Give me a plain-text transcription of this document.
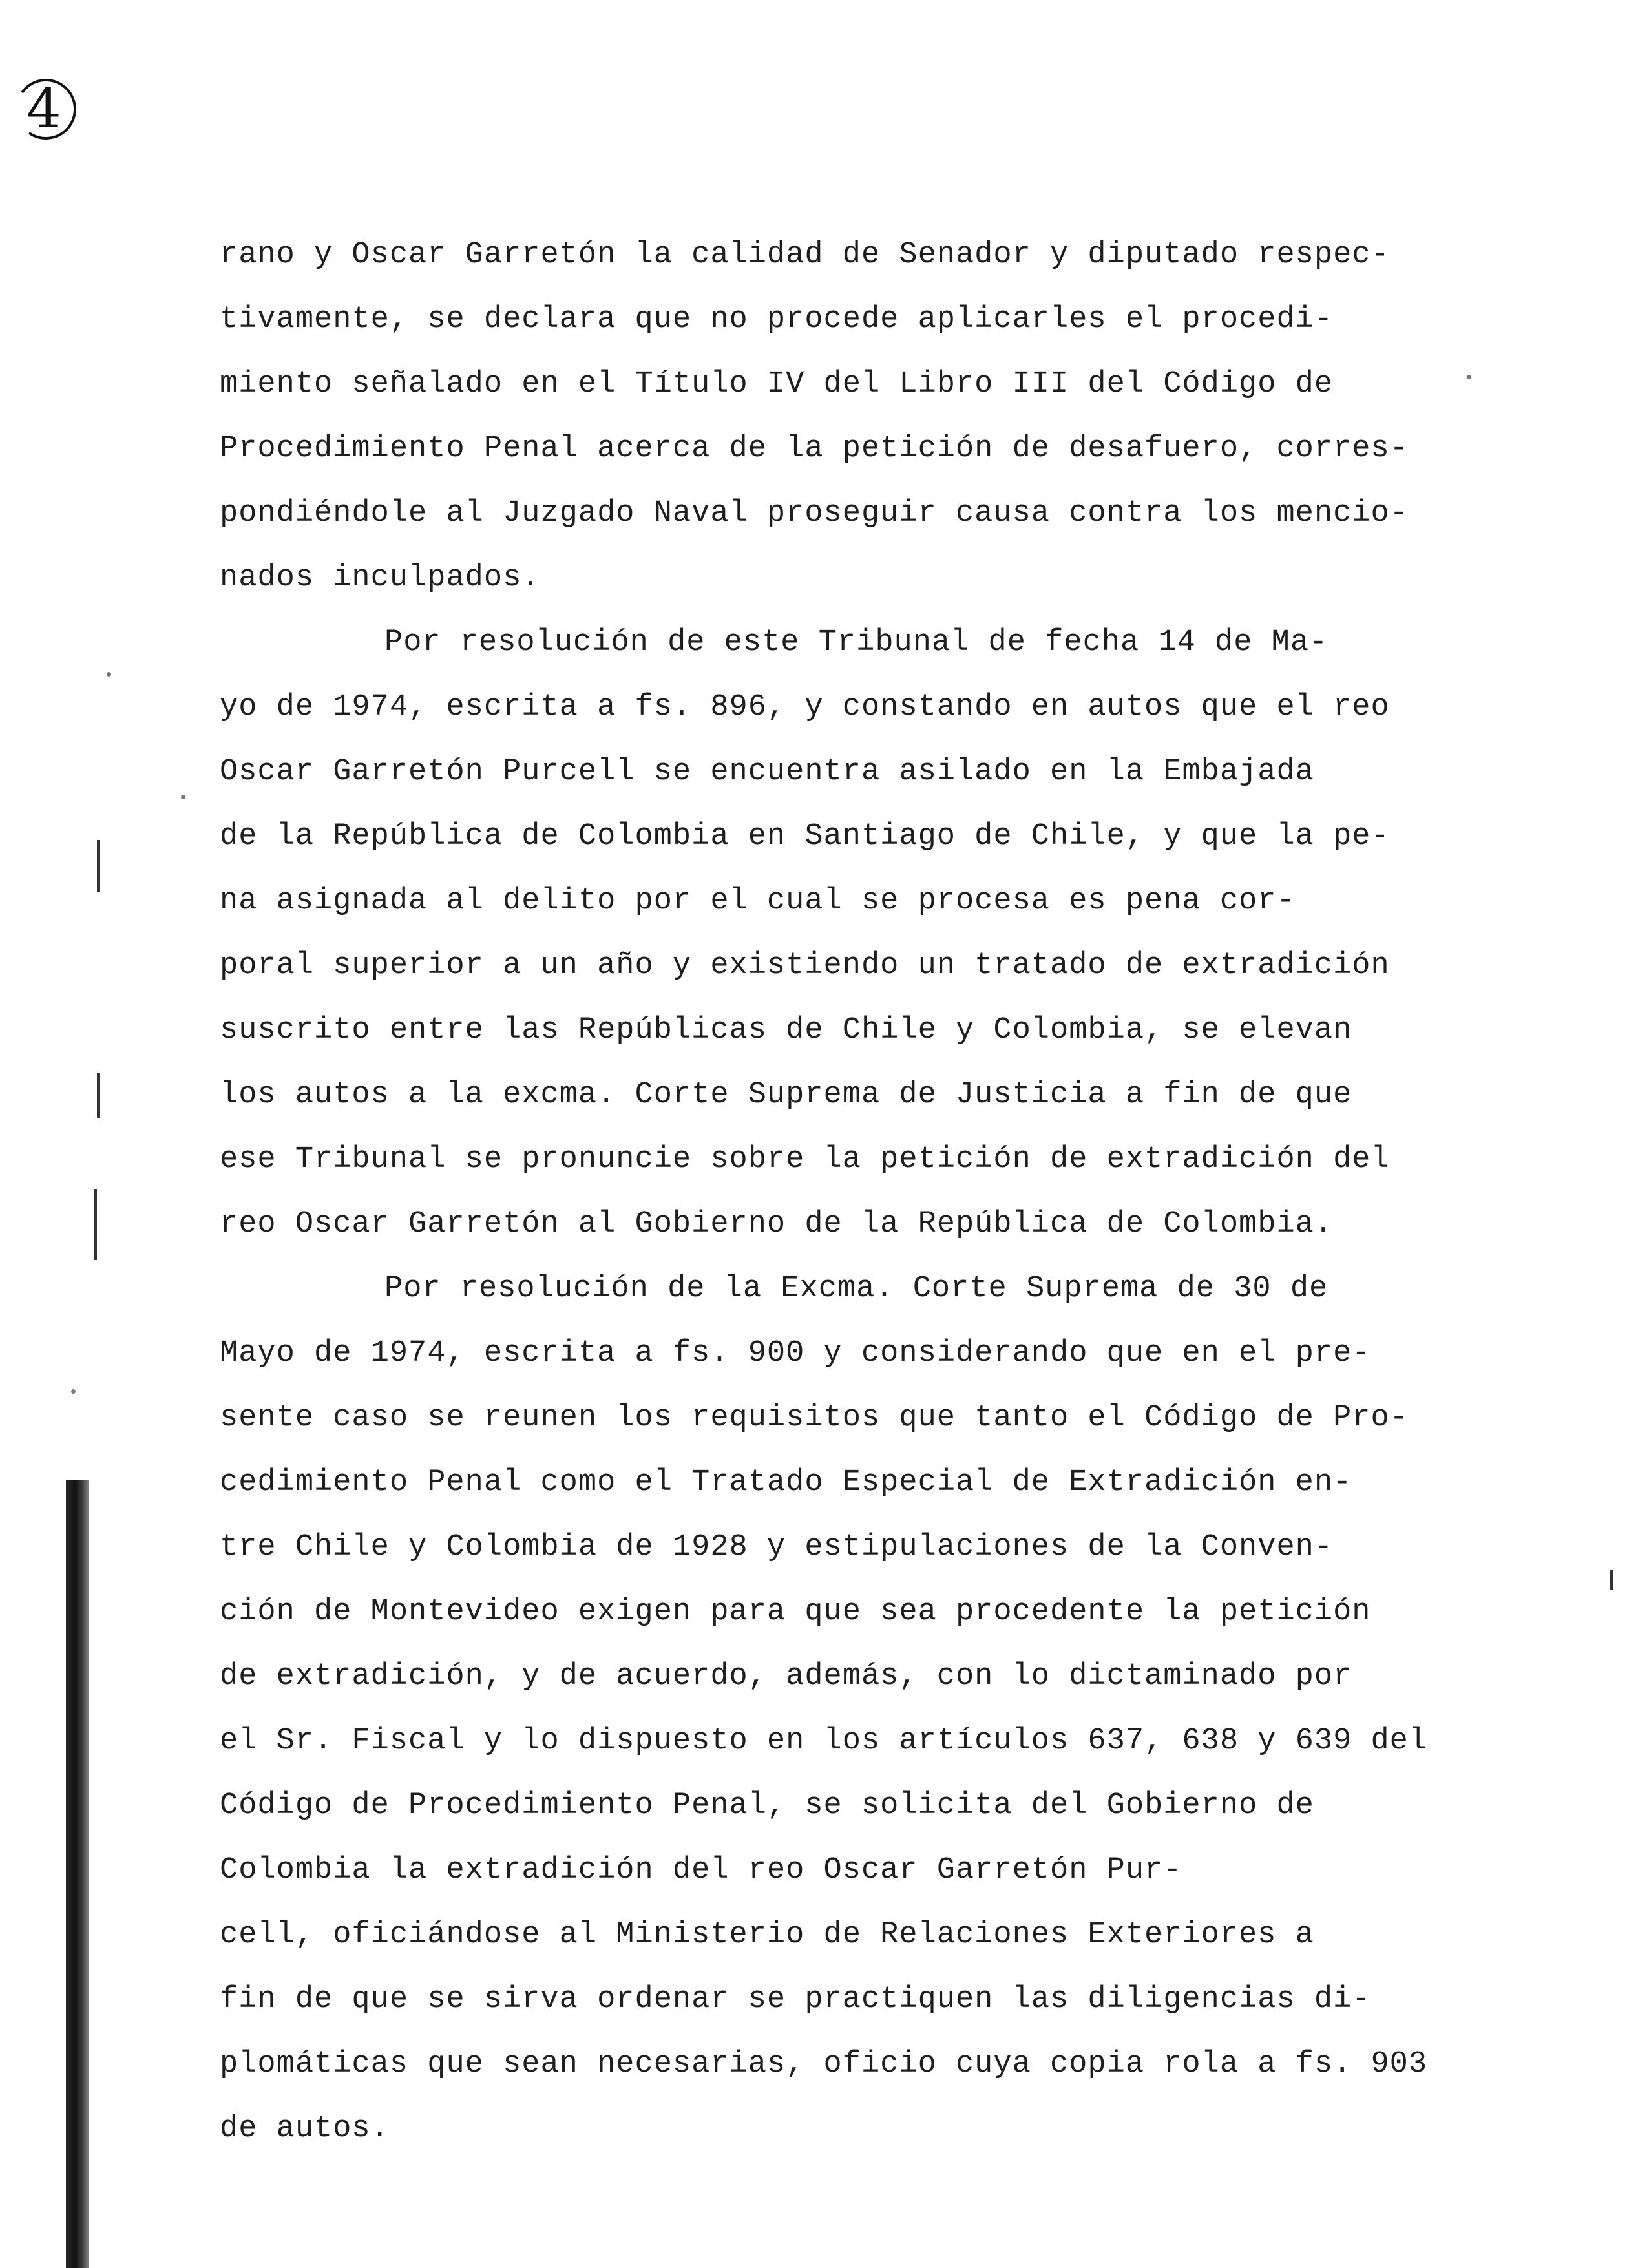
4
rano y Oscar Garretón la calidad de Senador y diputado respec-
tivamente, se declara que no procede aplicarles el procedi-
miento señalado en el Título IV del Libro III del Código de
Procedimiento Penal acerca de la petición de desafuero, corres-
pondiéndole al Juzgado Naval proseguir causa contra los mencio-
nados inculpados.
Por resolución de este Tribunal de fecha 14 de Ma-
yo de 1974, escrita a fs. 896, y constando en autos que el reo
Oscar Garretón Purcell se encuentra asilado en la Embajada
de la República de Colombia en Santiago de Chile, y que la pe-
na asignada al delito por el cual se procesa es pena cor-
poral superior a un año y existiendo un tratado de extradición
suscrito entre las Repúblicas de Chile y Colombia, se elevan
los autos a la excma. Corte Suprema de Justicia a fin de que
ese Tribunal se pronuncie sobre la petición de extradición del
reo Oscar Garretón al Gobierno de la República de Colombia.
Por resolución de la Excma. Corte Suprema de 30 de
Mayo de 1974, escrita a fs. 900 y considerando que en el pre-
sente caso se reunen los requisitos que tanto el Código de Pro-
cedimiento Penal como el Tratado Especial de Extradición en-
tre Chile y Colombia de 1928 y estipulaciones de la Conven-
ción de Montevideo exigen para que sea procedente la petición
de extradición, y de acuerdo, además, con lo dictaminado por
el Sr. Fiscal y lo dispuesto en los artículos 637, 638 y 639 del
Código de Procedimiento Penal, se solicita del Gobierno de
Colombia la extradición del reo Oscar Garretón Pur-
cell, oficiándose al Ministerio de Relaciones Exteriores a
fin de que se sirva ordenar se practiquen las diligencias di-
plomáticas que sean necesarias, oficio cuya copia rola a fs. 903
de autos.
